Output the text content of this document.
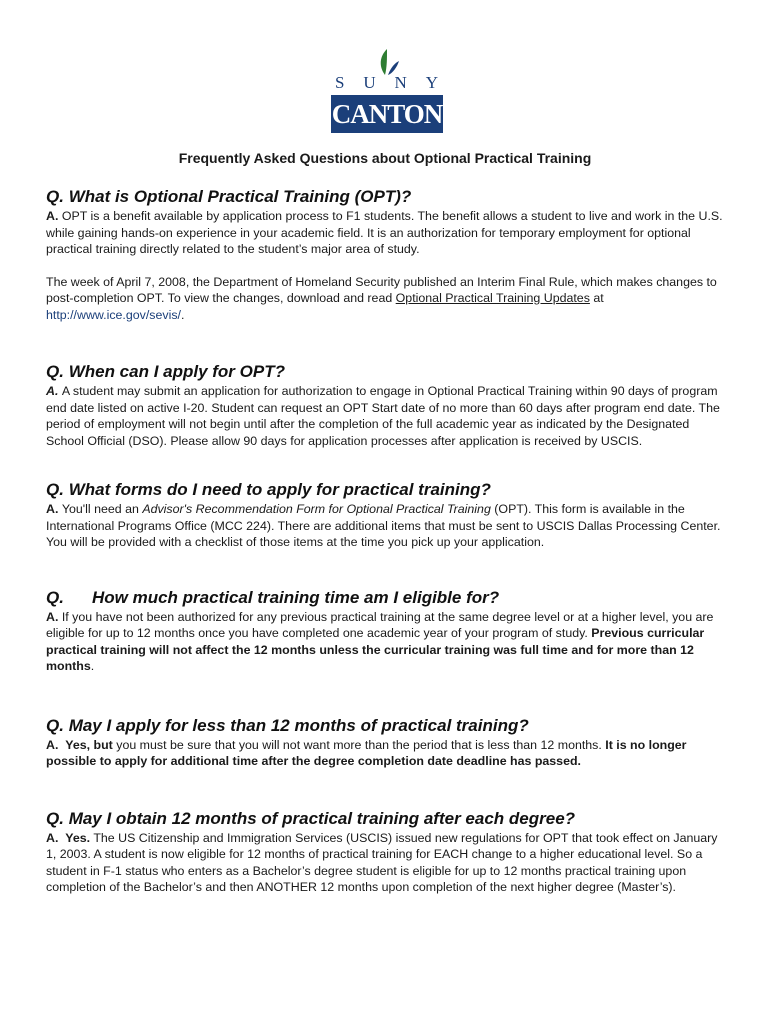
S U N Y
CANTON
Frequently Asked Questions about Optional Practical Training

Q. What is Optional Practical Training (OPT)?

A. OPT is a benefit available by application process to F1 students. The benefit allows a student to live and work in the U.S. while gaining hands-on experience in your academic field. It is an authorization for temporary employment for optional practical training directly related to the student’s major area of study.

The week of April 7, 2008, the Department of Homeland Security published an Interim Final Rule, which makes changes to post-completion OPT. To view the changes, download and read Optional Practical Training Updates at http://www.ice.gov/sevis/.

Q. When can I apply for OPT?

A. A student may submit an application for authorization to engage in Optional Practical Training within 90 days of program end date listed on active I-20. Student can request an OPT Start date of no more than 60 days after program end date. The period of employment will not begin until after the completion of the full academic year as indicated by the Designated School Official (DSO). Please allow 90 days for application processes after application is received by USCIS.

Q. What forms do I need to apply for practical training?

A. You'll need an Advisor's Recommendation Form for Optional Practical Training (OPT). This form is available in the International Programs Office (MCC 224). There are additional items that must be sent to USCIS Dallas Processing Center. You will be provided with a checklist of those items at the time you pick up your application.

Q. How much practical training time am I eligible for?

A. If you have not been authorized for any previous practical training at the same degree level or at a higher level, you are eligible for up to 12 months once you have completed one academic year of your program of study. Previous curricular practical training will not affect the 12 months unless the curricular training was full time and for more than 12 months.

Q. May I apply for less than 12 months of practical training?

A. Yes, but you must be sure that you will not want more than the period that is less than 12 months. It is no longer possible to apply for additional time after the degree completion date deadline has passed.

Q. May I obtain 12 months of practical training after each degree?

A. Yes. The US Citizenship and Immigration Services (USCIS) issued new regulations for OPT that took effect on January 1, 2003. A student is now eligible for 12 months of practical training for EACH change to a higher educational level. So a student in F-1 status who enters as a Bachelor’s degree student is eligible for up to 12 months practical training upon completion of the Bachelor’s and then ANOTHER 12 months upon completion of the next higher degree (Master’s).
